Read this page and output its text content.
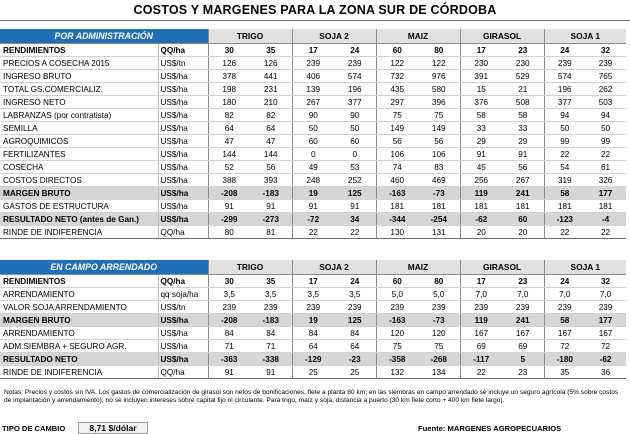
COSTOS Y MARGENES PARA LA ZONA SUR DE CÓRDOBA
POR ADMINISTRACIÓN		TRIGO		SOJA 2		MAIZ		GIRASOL		SOJA 1	
RENDIMIENTOS	QQ/ha	30	35	17	24	60	80	17	23	24	32
PRECIOS A COSECHA 2015	US$/tn	126	126	239	239	122	122	230	230	239	239
INGRESO BRUTO	US$/ha	378	441	406	574	732	976	391	529	574	765
TOTAL GS.COMERCIALIZ.	US$/ha	198	231	139	196	435	580	15	21	196	262
INGRESO NETO	US$/ha	180	210	267	377	297	396	376	508	377	503
LABRANZAS (por contratista)	US$/ha	82	82	90	90	75	75	58	58	94	94
SEMILLA	US$/ha	64	64	50	50	149	149	33	33	50	50
AGROQUIMICOS	US$/ha	47	47	60	60	56	56	29	29	99	99
FERTILIZANTES	US$/ha	144	144	0	0	106	106	91	91	22	22
COSECHA	US$/ha	52	56	49	53	74	83	45	56	54	61
COSTOS DIRECTOS	US$/ha	388	393	248	252	460	469	256	267	319	326
MARGEN BRUTO	US$/ha	-208	-183	19	125	-163	-73	119	241	58	177
GASTOS DE ESTRUCTURA	US$/ha	91	91	91	91	181	181	181	181	181	181
RESULTADO NETO (antes de Gan.)	US$/ha	-299	-273	-72	34	-344	-254	-62	60	-123	-4
RINDE DE INDIFERENCIA	QQ/ha	80	81	22	22	130	131	20	20	22	22
EN CAMPO ARRENDADO		TRIGO		SOJA 2		MAIZ		GIRASOL		SOJA 1	
RENDIMIENTOS	QQ/ha	30	35	17	24	60	80	17	23	24	32
ARRENDAMIENTO	qq soja/ha	3,5	3,5	3,5	3,5	5,0	5,0	7,0	7,0	7,0	7,0
VALOR SOJA ARRENDAMIENTO	US$/tn	239	239	239	239	239	239	239	239	239	239
MARGEN BRUTO	US$/ha	-208	-183	19	125	-163	-73	119	241	58	177
ARRENDAMIENTO	US$/ha	84	84	84	84	120	120	167	167	167	167
ADM.SIEMBRA + SEGURO AGR.	US$/ha	71	71	64	64	75	75	69	69	72	72
RESULTADO NETO	US$/ha	-363	-338	-129	-23	-358	-268	-117	5	-180	-62
RINDE DE INDIFERENCIA	QQ/ha	91	91	25	25	132	134	22	23	35	36
Notas: Precios y costos sin IVA. Los gastos de comercialización de girasol son netos de bonificaciones, flete a planta 80 km; en las siembras en campo arrendado se incluye un seguro agrícola (5% sobre costos de implantación y arrendamiento); no se incluyen intereses sobre capital fijo ni circulante. Para trigo, maíz y soja, distancia a puerto (30 km flete corto + 400 km flete largo).
TIPO DE CAMBIO	8,71 $/dólar	Fuente: MARGENES AGROPECUARIOS
